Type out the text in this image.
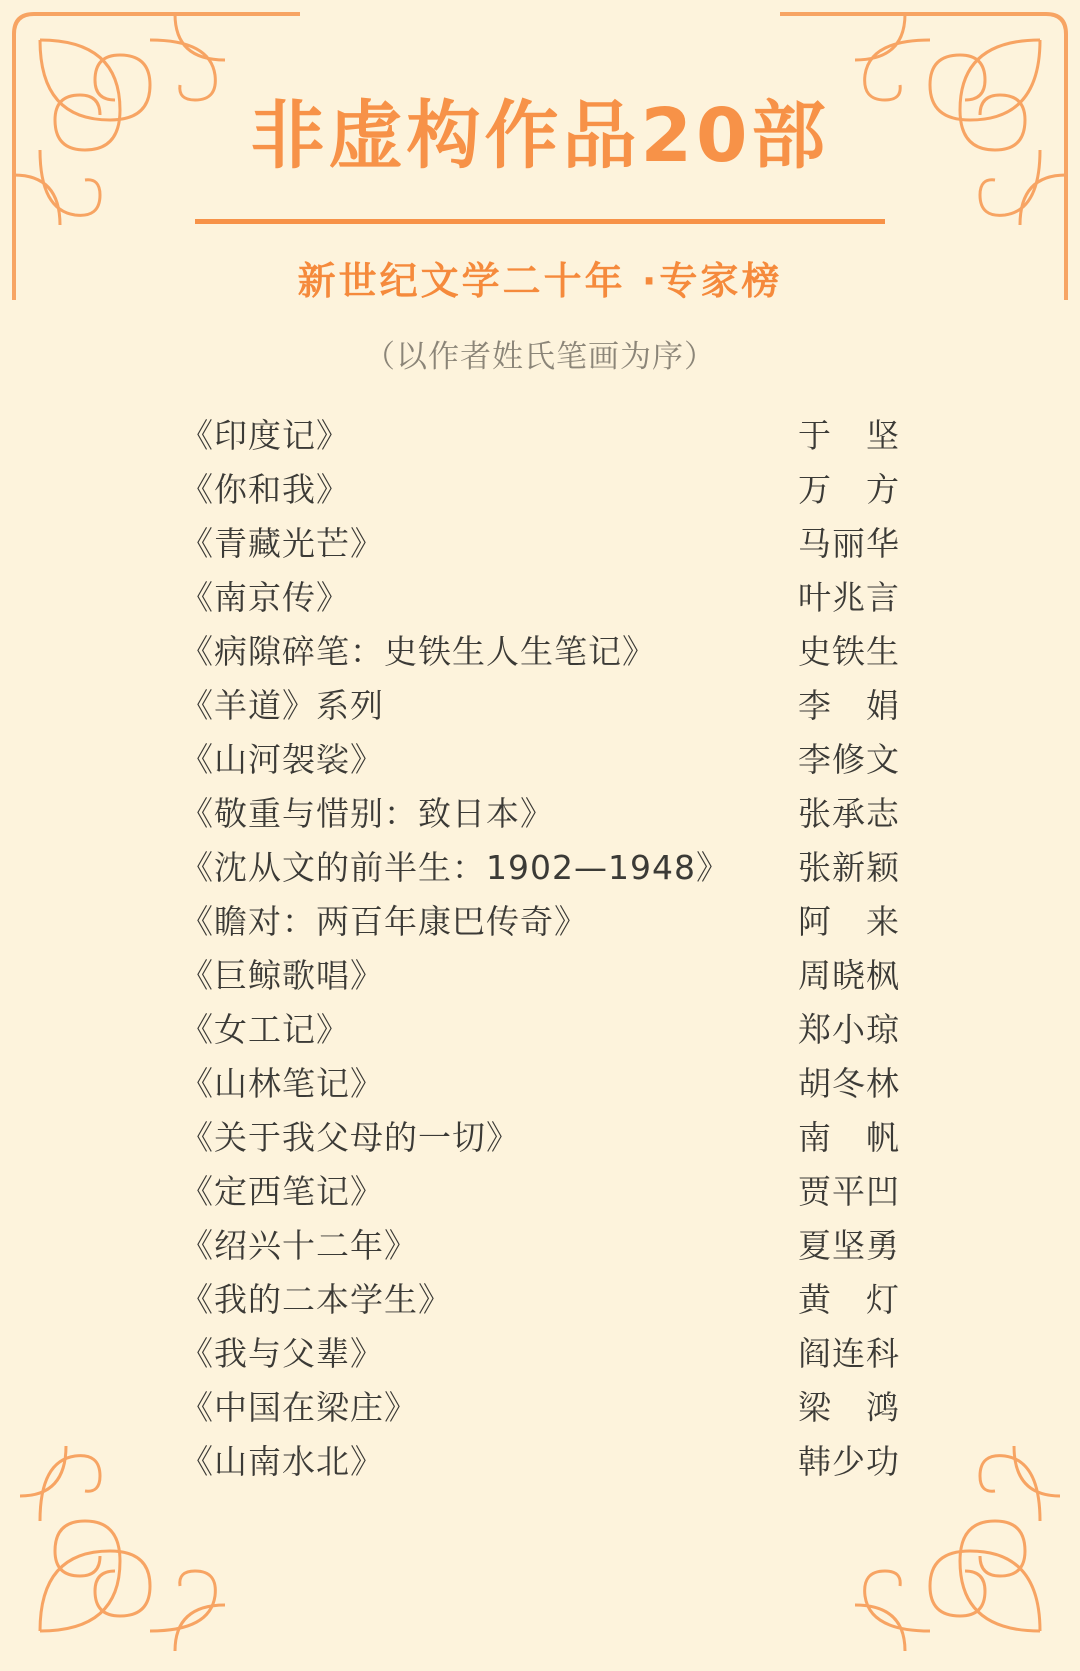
非虚构作品20部
新世纪文学二十年 ·专家榜
（以作者姓氏笔画为序）
《印度记》	于　坚
《你和我》	万　方
《青藏光芒》	马丽华
《南京传》	叶兆言
《病隙碎笔：史铁生人生笔记》	史铁生
《羊道》系列	李　娟
《山河袈裟》	李修文
《敬重与惜别：致日本》	张承志
《沈从文的前半生：1902—1948》	张新颖
《瞻对：两百年康巴传奇》	阿　来
《巨鲸歌唱》	周晓枫
《女工记》	郑小琼
《山林笔记》	胡冬林
《关于我父母的一切》	南　帆
《定西笔记》	贾平凹
《绍兴十二年》	夏坚勇
《我的二本学生》	黄　灯
《我与父辈》	阎连科
《中国在梁庄》	梁　鸿
《山南水北》	韩少功
